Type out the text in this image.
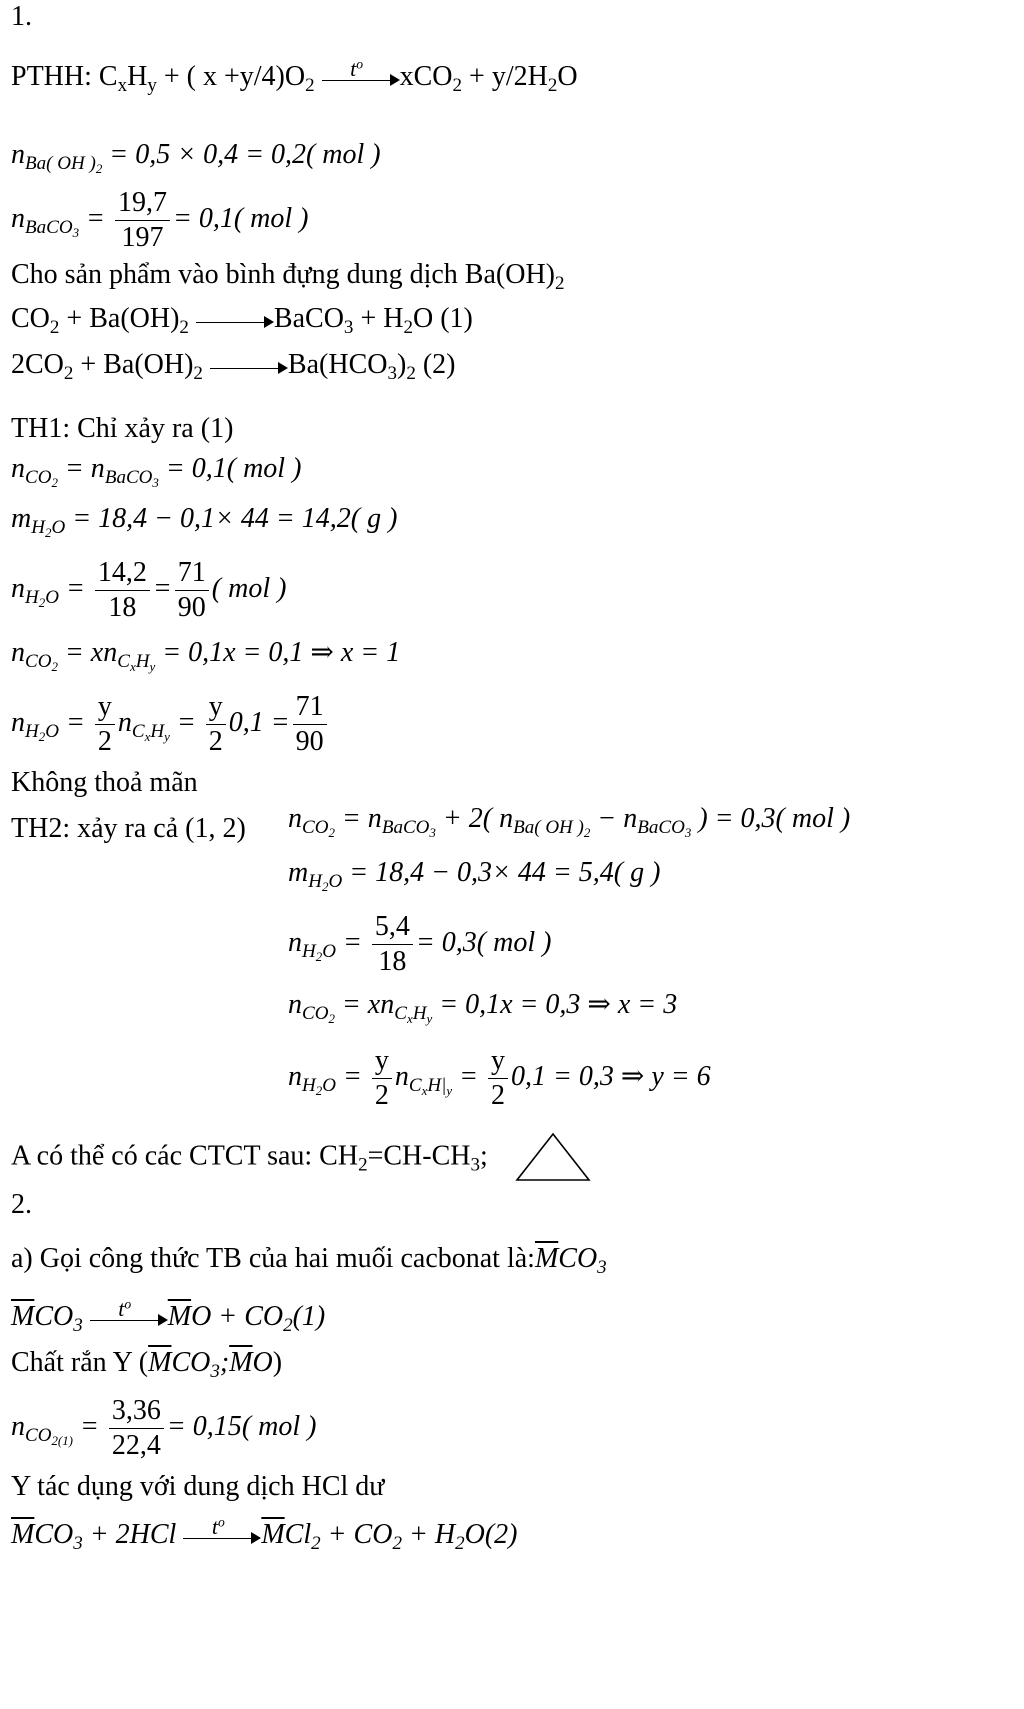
1.
PTHH: $C_xH_y$ + ( $x +y/4)O_2$
$t^o$	$xCO_2 + y/2H_2O$
$n_{Ba( OH )_2} = 0,5 \times 0,4 = 0,2$( mol )
$n_{BaCO_3} = \frac{19,7}{197} = 0,1$( mol )
Cho sản phẩm vào bình đựng dung dịch $Ba(OH)_2$
$CO_2 + Ba(OH)_2$	BaCO$_3$ + $H_2O$ (1)
$2CO_2 + Ba(OH)_2$	$Ba(HCO_3)_2$ (2)
TH1: Chỉ xảy ra (1)
$n_{CO_2} = n_{BaCO_3} = 0,1$( mol )
$m_{H_2O} = 18,4 - 0,1\times 44 = 14,2$( g )
$n_{H_2O} = \frac{14,2}{18} = \frac{71}{90}$ ( mol )
$n_{CO_2} = xn_{C_xH_y} = 0,1x = 0,1$ ⇒ x = 1
$n_{H_2O} = \frac{y}{2} n_{C_xH_y} = \frac{y}{2} 0,1 = \frac{71}{90}$
Không thoả mãn
TH2: xảy ra cả (1, 2) $n_{CO_2} = n_{BaCO_3} + 2$( $n_{Ba( OH )_2} - n_{BaCO_3}$ ) = 0,3( mol )
$m_{H_2O} = 18,4 - 0,3\times 44 = 5,4$( g )
$n_{H_2O} = \frac{5,4}{18} = 0,3$( mol )
$n_{CO_2} = xn_{C_xH_y} = 0,1x = 0,3$ ⇒ x = 3
$n_{H_2O} = \frac{y}{2} n_{C_xH|_y} = \frac{y}{2} 0,1 = 0,3$ ⇒ y = 6
A có thể có các CTCT sau: $CH_2=CH-CH_3$;
2.
a) Gọi công thức TB của hai muối cacbonat $là:\overline{M}CO_3$
$\overline{M}CO_3$
$t^o$	$\overline{M}O + CO_2(1)$
Chất rắn Y $(\overline{M}CO_3;\overline{M}O)$
$n_{CO_{2(1)}} = \frac{3,36}{22,4} = 0,15$( mol )
Y tác dụng với dung dịch HCl dư
$\overline{M}CO_3 + 2HCl$	$t^o$	$\overline{M}Cl_2 + CO_2 + H_2O(2)$
